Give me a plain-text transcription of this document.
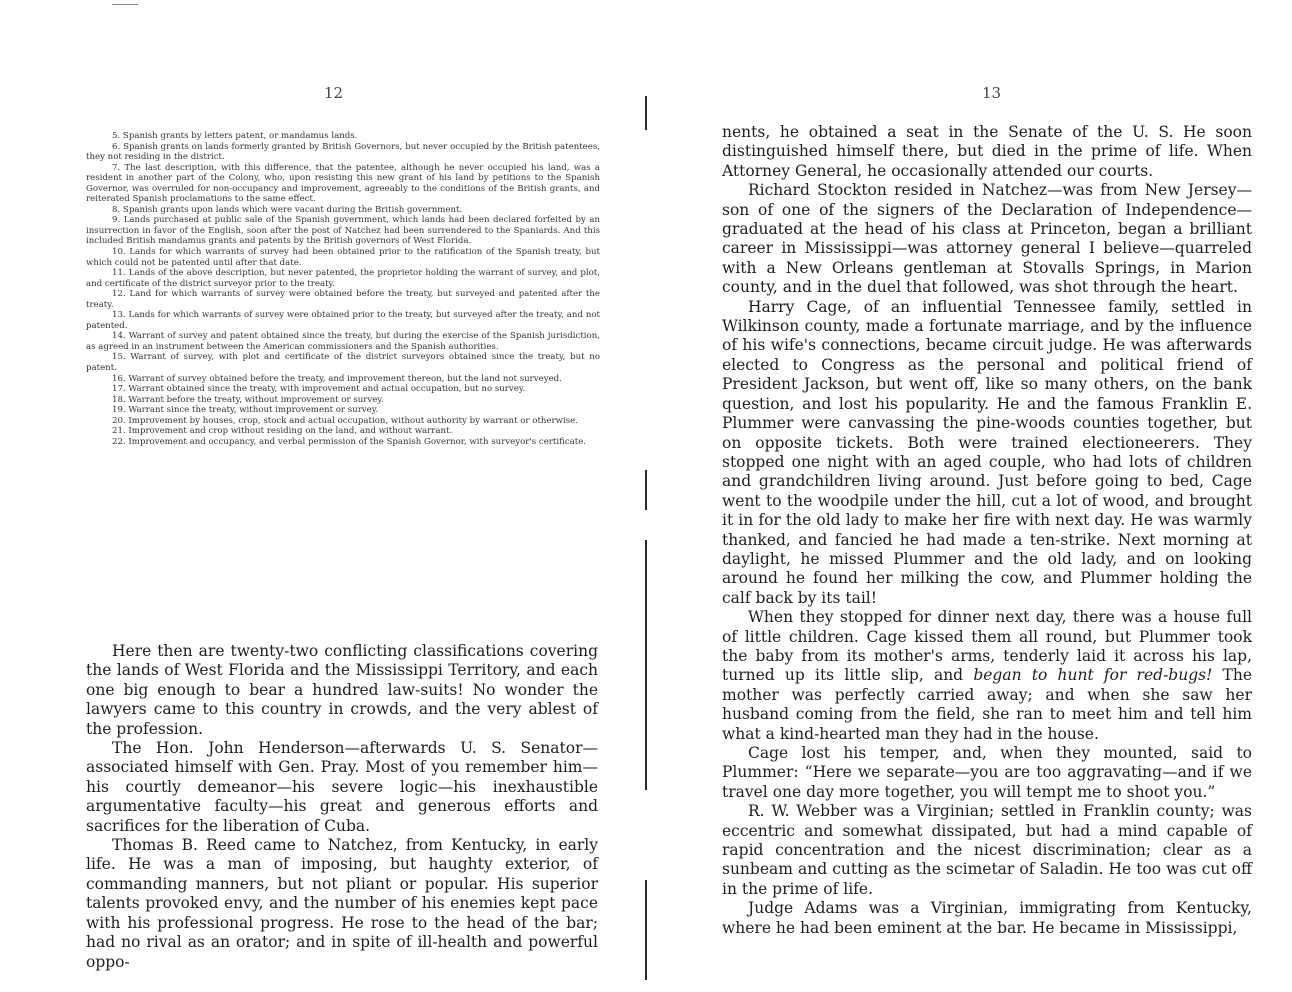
12

5. Spanish grants by letters patent, or mandamus lands.

6. Spanish grants on lands formerly granted by British Governors, but never occupied by the British patentees, they not residing in the district.

7. The last description, with this difference, that the patentee, although he never occupied his land, was a resident in another part of the Colony, who, upon resisting this new grant of his land by petitions to the Spanish Governor, was overruled for non-occupancy and improvement, agreeably to the conditions of the British grants, and reiterated Spanish proclamations to the same effect.

8. Spanish grants upon lands which were vacant during the British government.

9. Lands purchased at public sale of the Spanish government, which lands had been declared forfeited by an insurrection in favor of the English, soon after the post of Natchez had been surrendered to the Spaniards. And this included British mandamus grants and patents by the British governors of West Florida.

10. Lands for which warrants of survey had been obtained prior to the ratification of the Spanish treaty, but which could not be patented until after that date.

11. Lands of the above description, but never patented, the proprietor holding the warrant of survey, and plot, and certificate of the district surveyor prior to the treaty.

12. Land for which warrants of survey were obtained before the treaty, but surveyed and patented after the treaty.

13. Lands for which warrants of survey were obtained prior to the treaty, but surveyed after the treaty, and not patented.

14. Warrant of survey and patent obtained since the treaty, but during the exercise of the Spanish jurisdiction, as agreed in an instrument between the American commissioners and the Spanish authorities.

15. Warrant of survey, with plot and certificate of the district surveyors obtained since the treaty, but no patent.

16. Warrant of survey obtained before the treaty, and improvement thereon, but the land not surveyed.

17. Warrant obtained since the treaty, with improvement and actual occupation, but no survey.

18. Warrant before the treaty, without improvement or survey.

19. Warrant since the treaty, without improvement or survey.

20. Improvement by houses, crop, stock and actual occupation, without authority by warrant or otherwise.

21. Improvement and crop without residing on the land, and without warrant.

22. Improvement and occupancy, and verbal permission of the Spanish Governor, with surveyor's certificate.

Here then are twenty-two conflicting classifications covering the lands of West Florida and the Mississippi Territory, and each one big enough to bear a hundred law-suits! No wonder the lawyers came to this country in crowds, and the very ablest of the profession.

The Hon. John Henderson—afterwards U. S. Senator—associated himself with Gen. Pray. Most of you remember him—his courtly demeanor—his severe logic—his inexhaustible argumentative faculty—his great and generous efforts and sacrifices for the liberation of Cuba.

Thomas B. Reed came to Natchez, from Kentucky, in early life. He was a man of imposing, but haughty exterior, of commanding manners, but not pliant or popular. His superior talents provoked envy, and the number of his enemies kept pace with his professional progress. He rose to the head of the bar; had no rival as an orator; and in spite of ill-health and powerful oppo-

13

nents, he obtained a seat in the Senate of the U. S. He soon distinguished himself there, but died in the prime of life. When Attorney General, he occasionally attended our courts.

Richard Stockton resided in Natchez—was from New Jersey—son of one of the signers of the Declaration of Independence—graduated at the head of his class at Princeton, began a brilliant career in Mississippi—was attorney general I believe—quarreled with a New Orleans gentleman at Stovalls Springs, in Marion county, and in the duel that followed, was shot through the heart.

Harry Cage, of an influential Tennessee family, settled in Wilkinson county, made a fortunate marriage, and by the influence of his wife's connections, became circuit judge. He was afterwards elected to Congress as the personal and political friend of President Jackson, but went off, like so many others, on the bank question, and lost his popularity. He and the famous Franklin E. Plummer were canvassing the pine-woods counties together, but on opposite tickets. Both were trained electioneerers. They stopped one night with an aged couple, who had lots of children and grandchildren living around. Just before going to bed, Cage went to the woodpile under the hill, cut a lot of wood, and brought it in for the old lady to make her fire with next day. He was warmly thanked, and fancied he had made a ten-strike. Next morning at daylight, he missed Plummer and the old lady, and on looking around he found her milking the cow, and Plummer holding the calf back by its tail!

When they stopped for dinner next day, there was a house full of little children. Cage kissed them all round, but Plummer took the baby from its mother's arms, tenderly laid it across his lap, turned up its little slip, and began to hunt for red-bugs! The mother was perfectly carried away; and when she saw her husband coming from the field, she ran to meet him and tell him what a kind-hearted man they had in the house.

Cage lost his temper, and, when they mounted, said to Plummer: “Here we separate—you are too aggravating—and if we travel one day more together, you will tempt me to shoot you.”

R. W. Webber was a Virginian; settled in Franklin county; was eccentric and somewhat dissipated, but had a mind capable of rapid concentration and the nicest discrimination; clear as a sunbeam and cutting as the scimetar of Saladin. He too was cut off in the prime of life.

Judge Adams was a Virginian, immigrating from Kentucky, where he had been eminent at the bar. He became in Mississippi,
